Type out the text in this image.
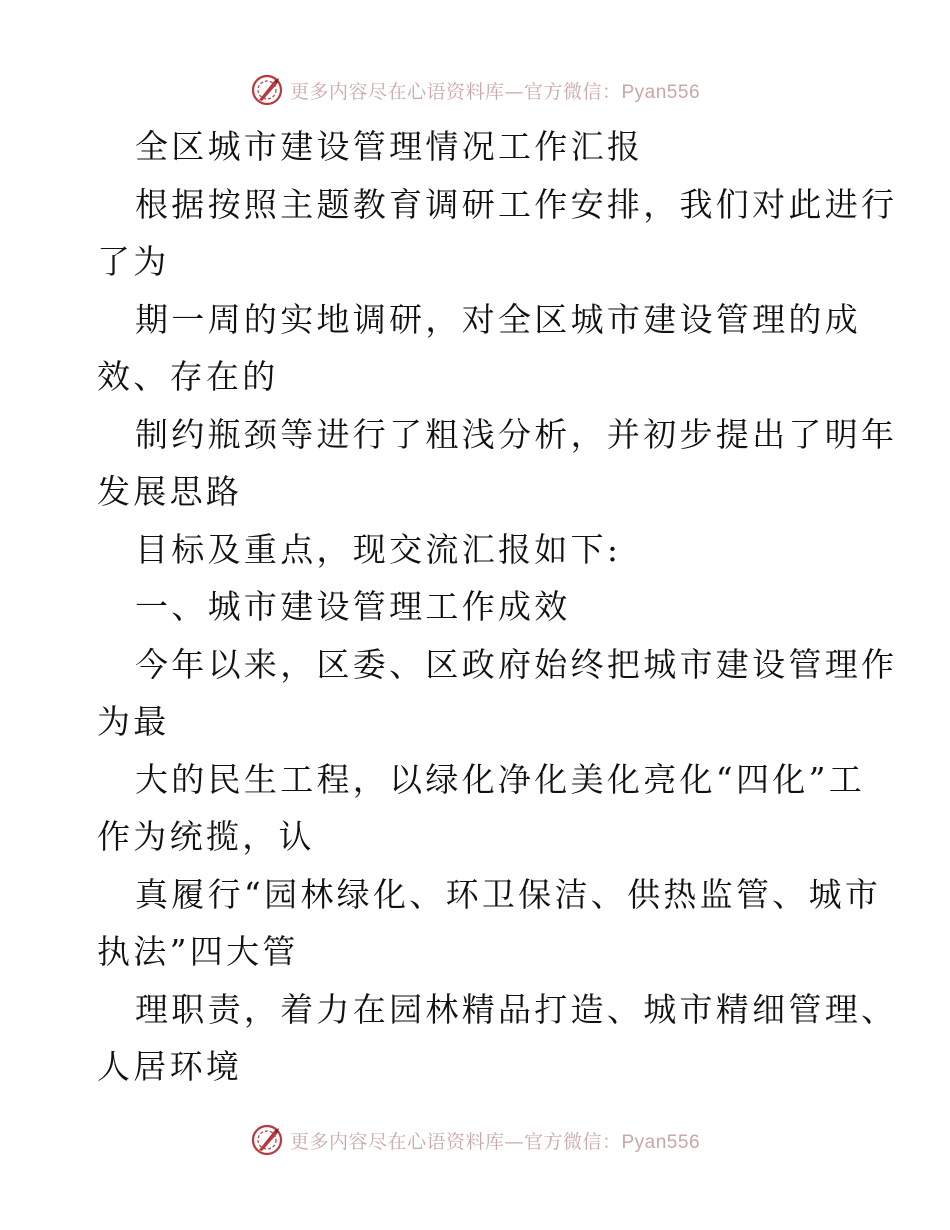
更多内容尽在心语资料库—官方微信：Pyan556
全区城市建设管理情况工作汇报
根据按照主题教育调研工作安排，我们对此进行
了为
期一周的实地调研，对全区城市建设管理的成
效、存在的
制约瓶颈等进行了粗浅分析，并初步提出了明年
发展思路
目标及重点，现交流汇报如下:
一、城市建设管理工作成效
今年以来，区委、区政府始终把城市建设管理作
为最
大的民生工程，以绿化净化美化亮化“四化”工
作为统揽，认
真履行“园林绿化、环卫保洁、供热监管、城市
执法”四大管
理职责，着力在园林精品打造、城市精细管理、
人居环境
更多内容尽在心语资料库—官方微信：Pyan556
